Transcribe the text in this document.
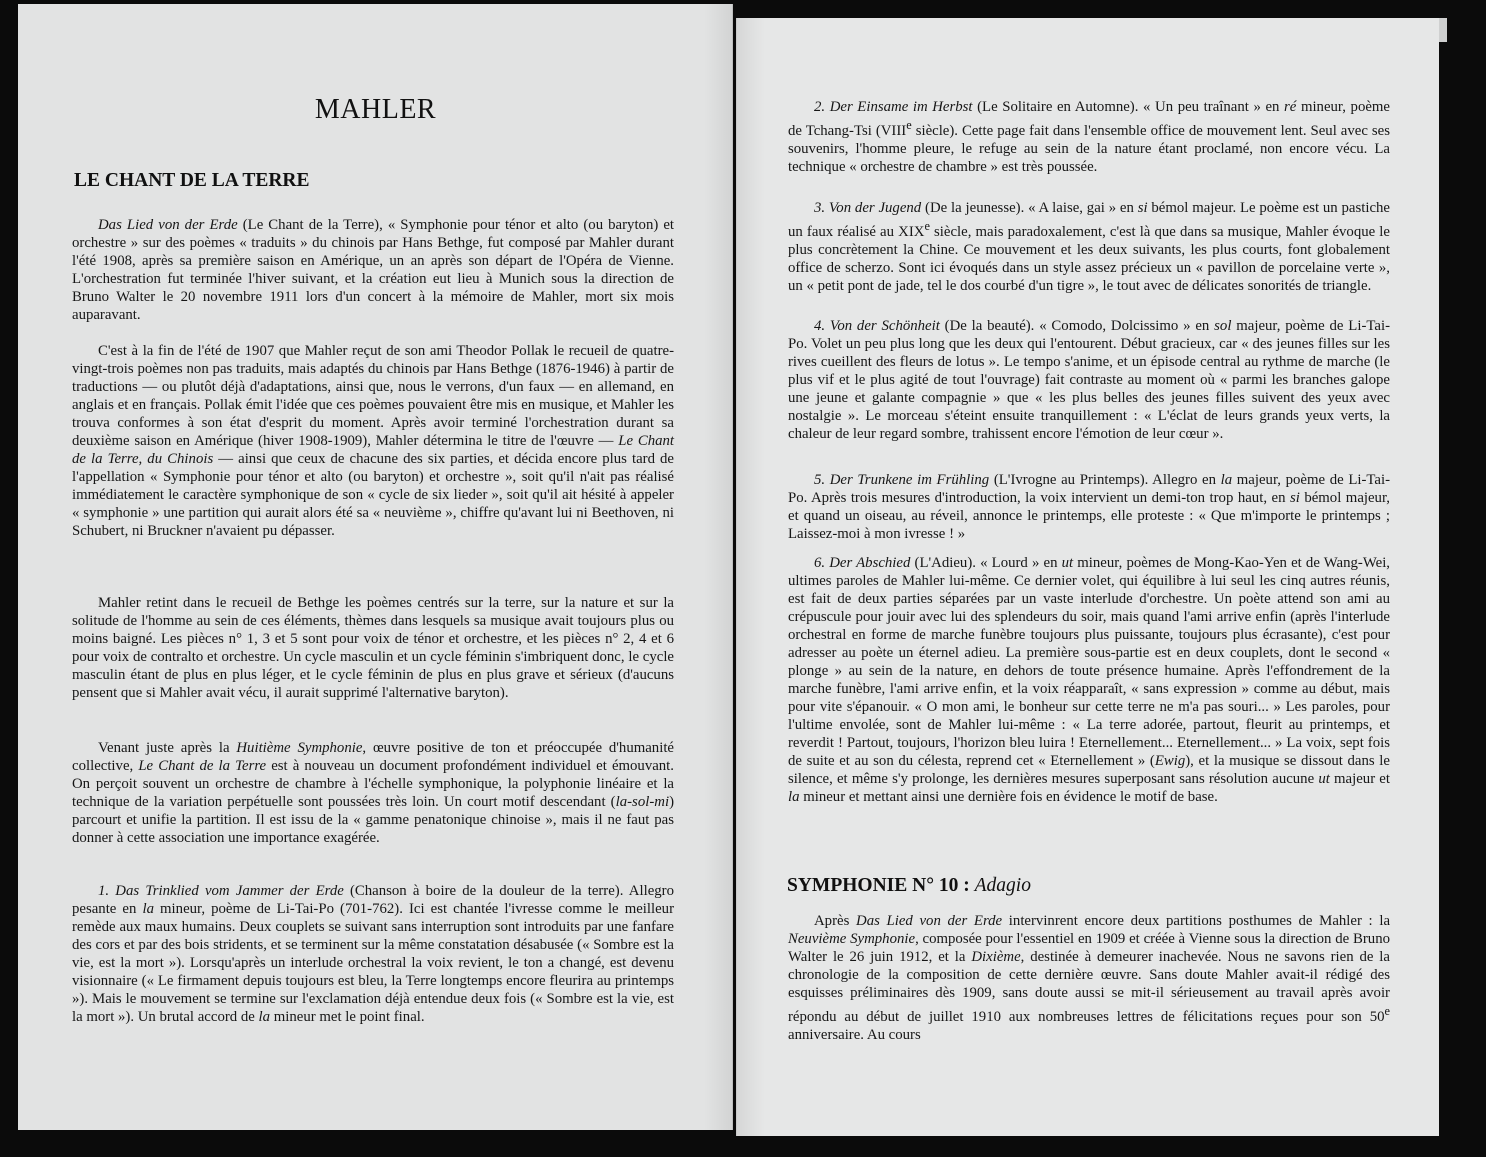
MAHLER
LE CHANT DE LA TERRE

Das Lied von der Erde (Le Chant de la Terre), « Symphonie pour ténor et alto (ou baryton) et orchestre » sur des poèmes « traduits » du chinois par Hans Bethge, fut composé par Mahler durant l'été 1908, après sa première saison en Amérique, un an après son départ de l'Opéra de Vienne. L'orchestration fut terminée l'hiver suivant, et la création eut lieu à Munich sous la direction de Bruno Walter le 20 novembre 1911 lors d'un concert à la mémoire de Mahler, mort six mois auparavant.

C'est à la fin de l'été de 1907 que Mahler reçut de son ami Theodor Pollak le recueil de quatre-vingt-trois poèmes non pas traduits, mais adaptés du chinois par Hans Bethge (1876-1946) à partir de traductions — ou plutôt déjà d'adaptations, ainsi que, nous le verrons, d'un faux — en allemand, en anglais et en français. Pollak émit l'idée que ces poèmes pouvaient être mis en musique, et Mahler les trouva conformes à son état d'esprit du moment. Après avoir terminé l'orchestration durant sa deuxième saison en Amérique (hiver 1908-1909), Mahler détermina le titre de l'œuvre — Le Chant de la Terre, du Chinois — ainsi que ceux de chacune des six parties, et décida encore plus tard de l'appellation « Symphonie pour ténor et alto (ou baryton) et orchestre », soit qu'il n'ait pas réalisé immédiatement le caractère symphonique de son « cycle de six lieder », soit qu'il ait hésité à appeler « symphonie » une partition qui aurait alors été sa « neuvième », chiffre qu'avant lui ni Beethoven, ni Schubert, ni Bruckner n'avaient pu dépasser.

Mahler retint dans le recueil de Bethge les poèmes centrés sur la terre, sur la nature et sur la solitude de l'homme au sein de ces éléments, thèmes dans lesquels sa musique avait toujours plus ou moins baigné. Les pièces n° 1, 3 et 5 sont pour voix de ténor et orchestre, et les pièces n° 2, 4 et 6 pour voix de contralto et orchestre. Un cycle masculin et un cycle féminin s'imbriquent donc, le cycle masculin étant de plus en plus léger, et le cycle féminin de plus en plus grave et sérieux (d'aucuns pensent que si Mahler avait vécu, il aurait supprimé l'alternative baryton).

Venant juste après la Huitième Symphonie, œuvre positive de ton et préoccupée d'humanité collective, Le Chant de la Terre est à nouveau un document profondément individuel et émouvant. On perçoit souvent un orchestre de chambre à l'échelle symphonique, la polyphonie linéaire et la technique de la variation perpétuelle sont poussées très loin. Un court motif descendant (la-sol-mi) parcourt et unifie la partition. Il est issu de la « gamme penatonique chinoise », mais il ne faut pas donner à cette association une importance exagérée.

1. Das Trinklied vom Jammer der Erde (Chanson à boire de la douleur de la terre). Allegro pesante en la mineur, poème de Li-Tai-Po (701-762). Ici est chantée l'ivresse comme le meilleur remède aux maux humains. Deux couplets se suivant sans interruption sont introduits par une fanfare des cors et par des bois stridents, et se terminent sur la même constatation désabusée (« Sombre est la vie, est la mort »). Lorsqu'après un interlude orchestral la voix revient, le ton a changé, est devenu visionnaire (« Le firmament depuis toujours est bleu, la Terre longtemps encore fleurira au printemps »). Mais le mouvement se termine sur l'exclamation déjà entendue deux fois (« Sombre est la vie, est la mort »). Un brutal accord de la mineur met le point final.

2. Der Einsame im Herbst (Le Solitaire en Automne). « Un peu traînant » en ré mineur, poème de Tchang-Tsi (VIIIe siècle). Cette page fait dans l'ensemble office de mouvement lent. Seul avec ses souvenirs, l'homme pleure, le refuge au sein de la nature étant proclamé, non encore vécu. La technique « orchestre de chambre » est très poussée.

3. Von der Jugend (De la jeunesse). « A laise, gai » en si bémol majeur. Le poème est un pastiche un faux réalisé au XIXe siècle, mais paradoxalement, c'est là que dans sa musique, Mahler évoque le plus concrètement la Chine. Ce mouvement et les deux suivants, les plus courts, font globalement office de scherzo. Sont ici évoqués dans un style assez précieux un « pavillon de porcelaine verte », un « petit pont de jade, tel le dos courbé d'un tigre », le tout avec de délicates sonorités de triangle.

4. Von der Schönheit (De la beauté). « Comodo, Dolcissimo » en sol majeur, poème de Li-Tai-Po. Volet un peu plus long que les deux qui l'entourent. Début gracieux, car « des jeunes filles sur les rives cueillent des fleurs de lotus ». Le tempo s'anime, et un épisode central au rythme de marche (le plus vif et le plus agité de tout l'ouvrage) fait contraste au moment où « parmi les branches galope une jeune et galante compagnie » que « les plus belles des jeunes filles suivent des yeux avec nostalgie ». Le morceau s'éteint ensuite tranquillement : « L'éclat de leurs grands yeux verts, la chaleur de leur regard sombre, trahissent encore l'émotion de leur cœur ».

5. Der Trunkene im Frühling (L'Ivrogne au Printemps). Allegro en la majeur, poème de Li-Tai-Po. Après trois mesures d'introduction, la voix intervient un demi-ton trop haut, en si bémol majeur, et quand un oiseau, au réveil, annonce le printemps, elle proteste : « Que m'importe le printemps ; Laissez-moi à mon ivresse ! »

6. Der Abschied (L'Adieu). « Lourd » en ut mineur, poèmes de Mong-Kao-Yen et de Wang-Wei, ultimes paroles de Mahler lui-même. Ce dernier volet, qui équilibre à lui seul les cinq autres réunis, est fait de deux parties séparées par un vaste interlude d'orchestre. Un poète attend son ami au crépuscule pour jouir avec lui des splendeurs du soir, mais quand l'ami arrive enfin (après l'interlude orchestral en forme de marche funèbre toujours plus puissante, toujours plus écrasante), c'est pour adresser au poète un éternel adieu. La première sous-partie est en deux couplets, dont le second « plonge » au sein de la nature, en dehors de toute présence humaine. Après l'effondrement de la marche funèbre, l'ami arrive enfin, et la voix réapparaît, « sans expression » comme au début, mais pour vite s'épanouir. « O mon ami, le bonheur sur cette terre ne m'a pas souri... » Les paroles, pour l'ultime envolée, sont de Mahler lui-même : « La terre adorée, partout, fleurit au printemps, et reverdit ! Partout, toujours, l'horizon bleu luira ! Eternellement... Eternellement... » La voix, sept fois de suite et au son du célesta, reprend cet « Eternellement » (Ewig), et la musique se dissout dans le silence, et même s'y prolonge, les dernières mesures superposant sans résolution aucune ut majeur et la mineur et mettant ainsi une dernière fois en évidence le motif de base.

SYMPHONIE N° 10 : Adagio

Après Das Lied von der Erde intervinrent encore deux partitions posthumes de Mahler : la Neuvième Symphonie, composée pour l'essentiel en 1909 et créée à Vienne sous la direction de Bruno Walter le 26 juin 1912, et la Dixième, destinée à demeurer inachevée. Nous ne savons rien de la chronologie de la composition de cette dernière œuvre. Sans doute Mahler avait-il rédigé des esquisses préliminaires dès 1909, sans doute aussi se mit-il sérieusement au travail après avoir répondu au début de juillet 1910 aux nombreuses lettres de félicitations reçues pour son 50e anniversaire. Au cours
